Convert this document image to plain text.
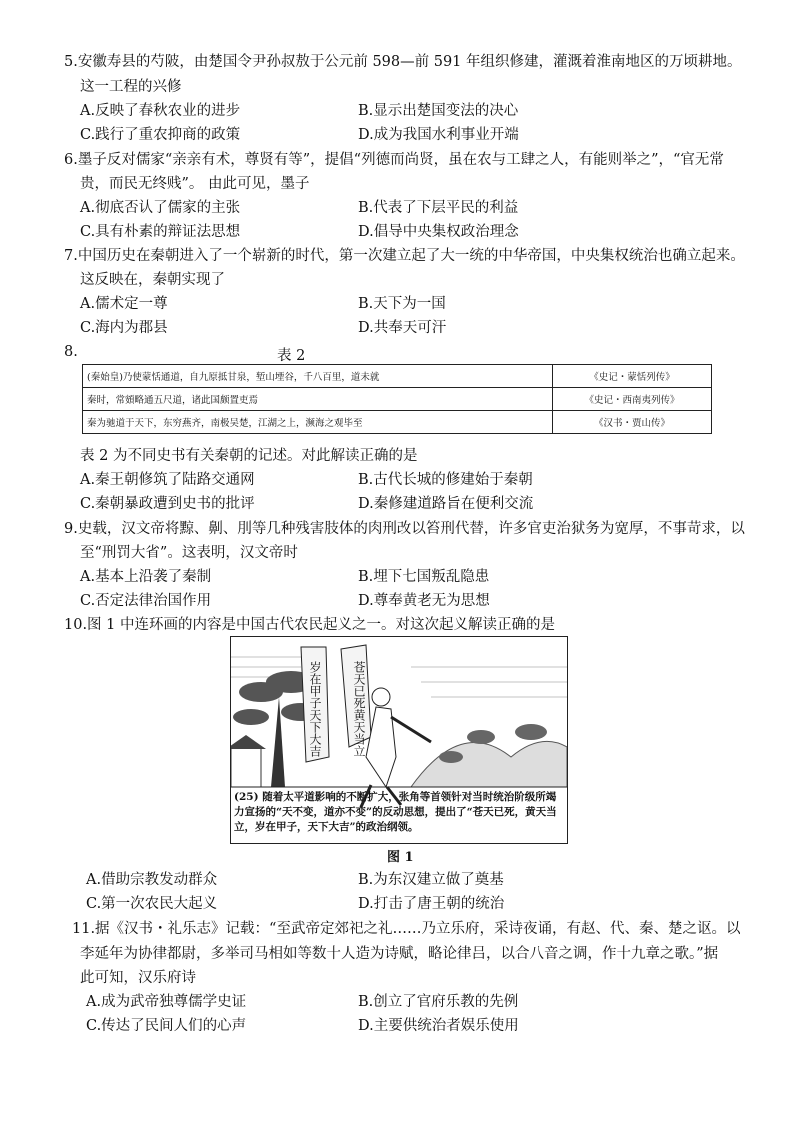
5.安徽寿县的芍陂，由楚国令尹孙叔敖于公元前 598—前 591 年组织修建，灌溉着淮南地区的万顷耕地。
这一工程的兴修
A.反映了春秋农业的进步	B.显示出楚国变法的决心
C.践行了重农抑商的政策	D.成为我国水利事业开端
6.墨子反对儒家“亲亲有术，尊贤有等”，提倡“列德而尚贤，虽在农与工肆之人，有能则举之”，“官无常
贵，而民无终贱”。 由此可见，墨子
A.彻底否认了儒家的主张	B.代表了下层平民的利益
C.具有朴素的辩证法思想	D.倡导中央集权政治理念
7.中国历史在秦朝进入了一个崭新的时代，第一次建立起了大一统的中华帝国，中央集权统治也确立起来。
这反映在，秦朝实现了
A.儒术定一尊	B.天下为一国
C.海内为郡县	D.共奉天可汗
8.	表 2
(秦始皇)乃使蒙恬通道，自九原抵甘泉，堑山堙谷，千八百里，道未就	《史记・蒙恬列传》
秦时，常頞略通五尺道，诸此国颇置吏焉	《史记・西南夷列传》
秦为驰道于天下，东穷燕齐，南极吴楚，江湖之上，濒海之观毕至	《汉书・贾山传》
表 2 为不同史书有关秦朝的记述。对此解读正确的是
A.秦王朝修筑了陆路交通网	B.古代长城的修建始于秦朝
C.秦朝暴政遭到史书的批评	D.秦修建道路旨在便利交流
9.史载，汉文帝将黥、劓、刖等几种残害肢体的肉刑改以笞刑代替，许多官吏治狱务为宽厚，不事苛求，以
至“刑罚大省”。这表明，汉文帝时
A.基本上沿袭了秦制	B.埋下七国叛乱隐患
C.否定法律治国作用	D.尊奉黄老无为思想
10.图 1 中连环画的内容是中国古代农民起义之一。对这次起义解读正确的是
苍天已死黄天当立
岁在甲子天下大吉
(25) 随着太平道影响的不断扩大，张角等首领针对当时统治阶级所竭力宣扬的“天不变，道亦不变”的反动思想，提出了“苍天已死，黄天当立，岁在甲子，天下大吉”的政治纲领。
图 1
A.借助宗教发动群众	B.为东汉建立做了奠基
C.第一次农民大起义	D.打击了唐王朝的统治
11.据《汉书・礼乐志》记载：“至武帝定郊祀之礼……乃立乐府，采诗夜诵，有赵、代、秦、楚之讴。以
李延年为协律都尉，多举司马相如等数十人造为诗赋，略论律吕，以合八音之调，作十九章之歌。”据
此可知，汉乐府诗
A.成为武帝独尊儒学史证	B.创立了官府乐教的先例
C.传达了民间人们的心声	D.主要供统治者娱乐使用
